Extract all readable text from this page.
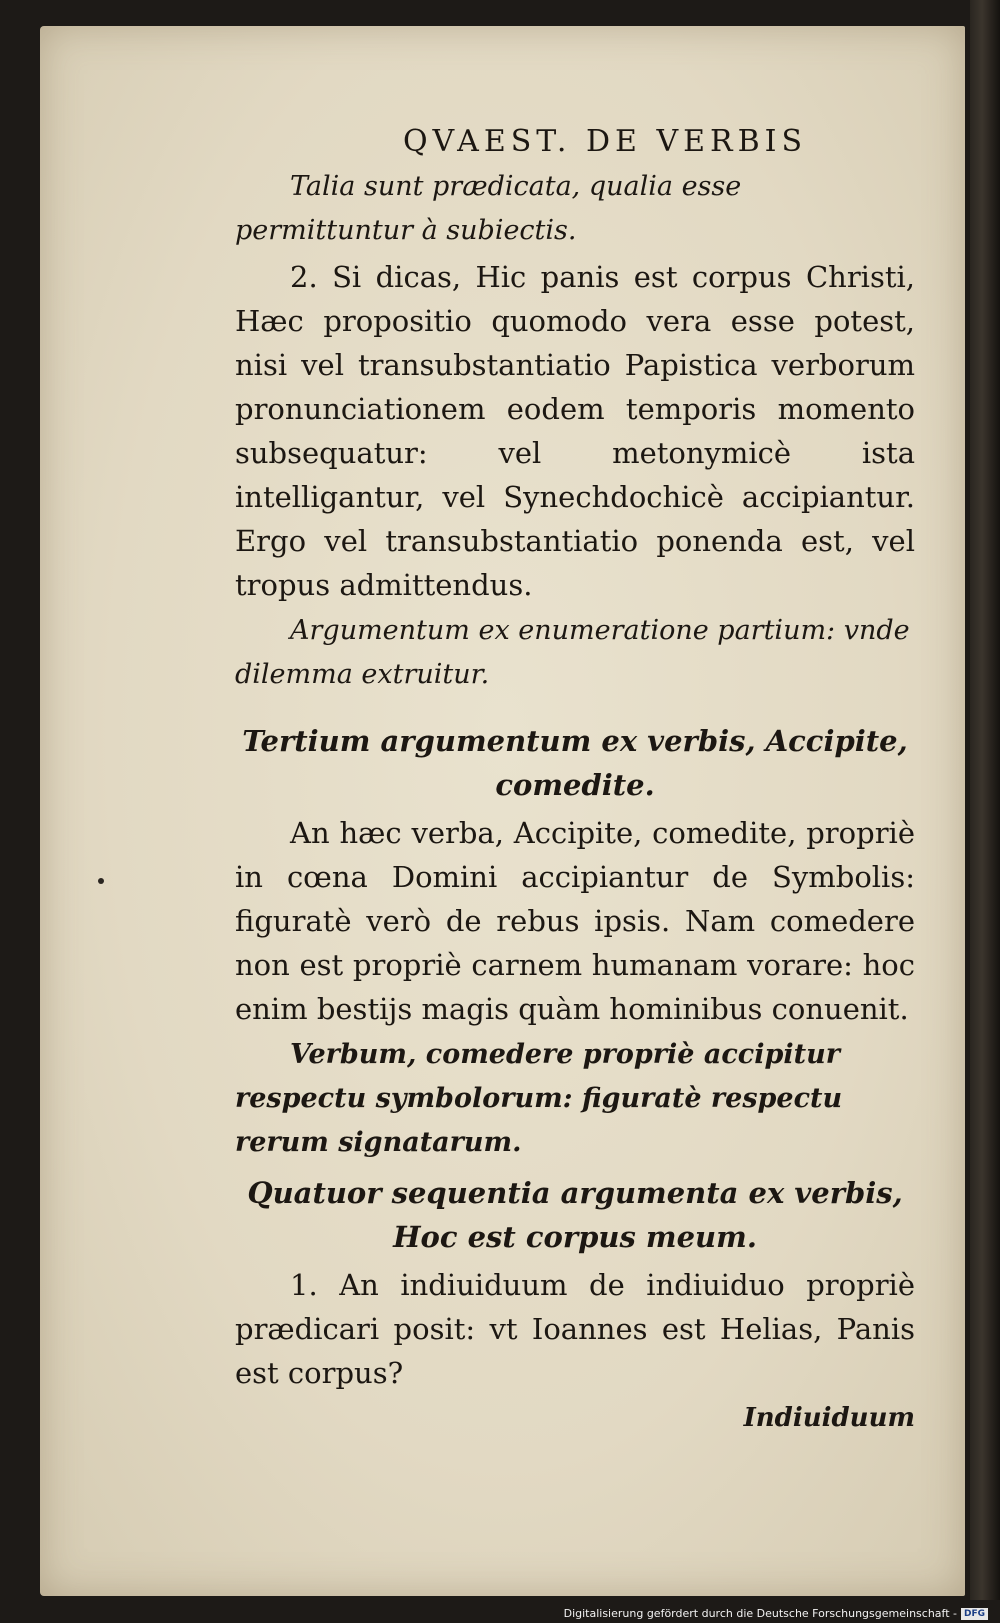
QVAEST. DE VERBIS

Talia sunt prædicata, qualia esse permittuntur à subiectis.

2. Si dicas, Hic panis est corpus Christi, Hæc propositio quomodo vera esse potest, nisi vel transubstantiatio Papistica verborum pronunciationem eodem temporis momento subsequatur: vel metonymicè ista intelligantur, vel Synechdochicè accipiantur. Ergo vel transubstantiatio ponenda est, vel tropus admittendus.

Argumentum ex enumeratione partium: vnde dilemma extruitur.

Tertium argumentum ex verbis, Accipite, comedite.

An hæc verba, Accipite, comedite, propriè in cœna Domini accipiantur de Symbolis: figuratè verò de rebus ipsis. Nam comedere non est propriè carnem humanam vorare: hoc enim bestijs magis quàm hominibus conuenit.

Verbum, comedere propriè accipitur respectu symbolorum: figuratè respectu rerum signatarum.

Quatuor sequentia argumenta ex verbis, Hoc est corpus meum.

1. An indiuiduum de indiuiduo propriè prædicari posit: vt Ioannes est Helias, Panis est corpus?

Indiuiduum

Digitalisierung gefördert durch die Deutsche Forschungsgemeinschaft - DFG
